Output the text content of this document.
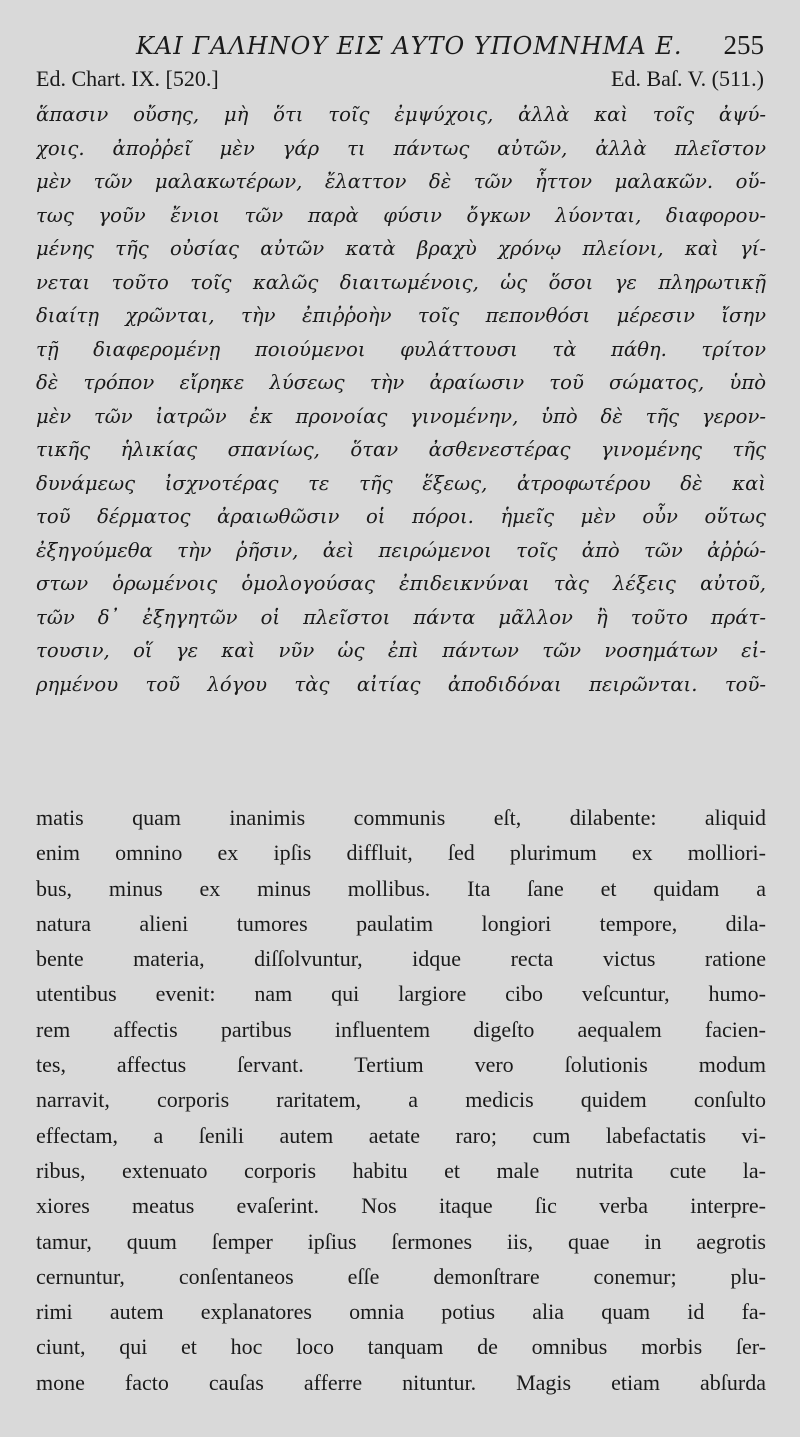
ΚΑΙ ΓΑΛΗΝΟΥ ΕΙΣ ΑΥΤΟ ΥΠΟΜΝΗΜΑ Ε. 255
Ed. Chart. IX. [520.]	Ed. Baſ. V. (511.)
ἅπασιν οὔσης, μὴ ὅτι τοῖς ἐμψύχοις, ἀλλὰ καὶ τοῖς ἀψύ-
χοις. ἀποῤῥεῖ μὲν γάρ τι πάντως αὐτῶν, ἀλλὰ πλεῖστον
μὲν τῶν μαλακωτέρων, ἔλαττον δὲ τῶν ἧττον μαλακῶν. οὕ-
τως γοῦν ἔνιοι τῶν παρὰ φύσιν ὄγκων λύονται, διαφορου-
μένης τῆς οὐσίας αὐτῶν κατὰ βραχὺ χρόνῳ πλείονι, καὶ γί-
νεται τοῦτο τοῖς καλῶς διαιτωμένοις, ὡς ὅσοι γε πληρωτικῇ
διαίτῃ χρῶνται, τὴν ἐπιῤῥοὴν τοῖς πεπονθόσι μέρεσιν ἴσην
τῇ διαφερομένῃ ποιούμενοι φυλάττουσι τὰ πάθη. τρίτον
δὲ τρόπον εἴρηκε λύσεως τὴν ἀραίωσιν τοῦ σώματος, ὑπὸ
μὲν τῶν ἰατρῶν ἐκ προνοίας γινομένην, ὑπὸ δὲ τῆς γερον-
τικῆς ἡλικίας σπανίως, ὅταν ἀσθενεστέρας γινομένης τῆς
δυνάμεως ἰσχνοτέρας τε τῆς ἕξεως, ἀτροφωτέρου δὲ καὶ
τοῦ δέρματος ἀραιωθῶσιν οἱ πόροι. ἡμεῖς μὲν οὖν οὕτως
ἐξηγούμεθα τὴν ῥῆσιν, ἀεὶ πειρώμενοι τοῖς ἀπὸ τῶν ἀῤῥώ-
στων ὁρωμένοις ὁμολογούσας ἐπιδεικνύναι τὰς λέξεις αὐτοῦ,
τῶν δ᾽ ἐξηγητῶν οἱ πλεῖστοι πάντα μᾶλλον ἢ τοῦτο πράτ-
τουσιν, οἵ γε καὶ νῦν ὡς ἐπὶ πάντων τῶν νοσημάτων εἰ-
ρημένου τοῦ λόγου τὰς αἰτίας ἀποδιδόναι πειρῶνται. τοῦ-
matis quam inanimis communis eſt, dilabente: aliquid
enim omnino ex ipſis diffluit, ſed plurimum ex molliori-
bus, minus ex minus mollibus. Ita ſane et quidam a
natura alieni tumores paulatim longiori tempore, dila-
bente materia, diſſolvuntur, idque recta victus ratione
utentibus evenit: nam qui largiore cibo veſcuntur, humo-
rem affectis partibus influentem digeſto aequalem facien-
tes, affectus ſervant. Tertium vero ſolutionis modum
narravit, corporis raritatem, a medicis quidem conſulto
effectam, a ſenili autem aetate raro; cum labefactatis vi-
ribus, extenuato corporis habitu et male nutrita cute la-
xiores meatus evaſerint. Nos itaque ſic verba interpre-
tamur, quum ſemper ipſius ſermones iis, quae in aegrotis
cernuntur, conſentaneos eſſe demonſtrare conemur; plu-
rimi autem explanatores omnia potius alia quam id fa-
ciunt, qui et hoc loco tanquam de omnibus morbis ſer-
mone facto cauſas afferre nituntur. Magis etiam abſurda
